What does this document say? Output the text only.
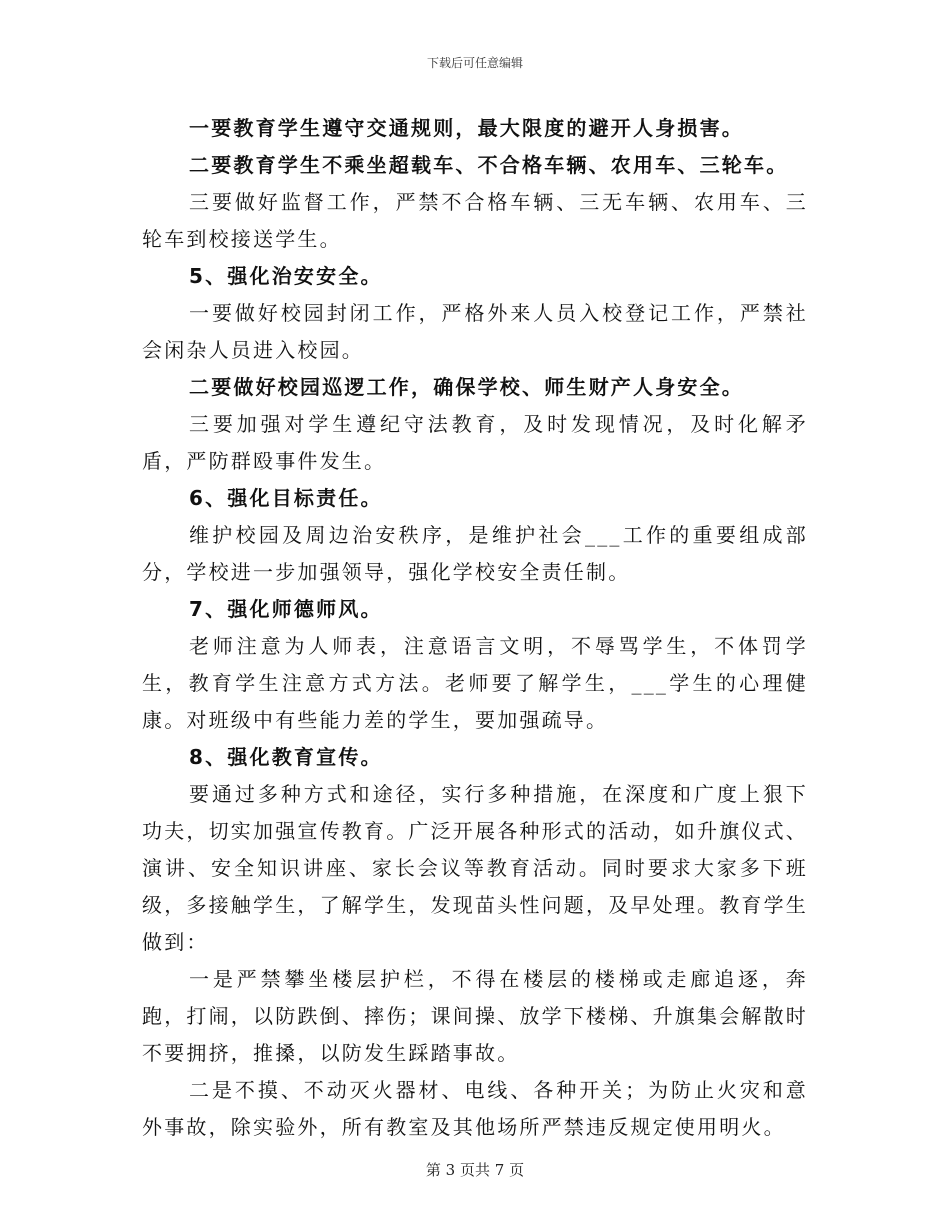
下载后可任意编辑

一要教育学生遵守交通规则，最大限度的避开人身损害。

二要教育学生不乘坐超载车、不合格车辆、农用车、三轮车。

三要做好监督工作，严禁不合格车辆、三无车辆、农用车、三轮车到校接送学生。

5、强化治安安全。

一要做好校园封闭工作，严格外来人员入校登记工作，严禁社会闲杂人员进入校园。

二要做好校园巡逻工作，确保学校、师生财产人身安全。

三要加强对学生遵纪守法教育，及时发现情况，及时化解矛盾，严防群殴事件发生。

6、强化目标责任。

维护校园及周边治安秩序，是维护社会___工作的重要组成部分，学校进一步加强领导，强化学校安全责任制。

7、强化师德师风。

老师注意为人师表，注意语言文明，不辱骂学生，不体罚学生，教育学生注意方式方法。老师要了解学生，___学生的心理健康。对班级中有些能力差的学生，要加强疏导。

8、强化教育宣传。

要通过多种方式和途径，实行多种措施，在深度和广度上狠下功夫，切实加强宣传教育。广泛开展各种形式的活动，如升旗仪式、演讲、安全知识讲座、家长会议等教育活动。同时要求大家多下班级，多接触学生，了解学生，发现苗头性问题，及早处理。教育学生做到：

一是严禁攀坐楼层护栏，不得在楼层的楼梯或走廊追逐，奔跑，打闹，以防跌倒、摔伤；课间操、放学下楼梯、升旗集会解散时不要拥挤，推搡，以防发生踩踏事故。

二是不摸、不动灭火器材、电线、各种开关；为防止火灾和意外事故，除实验外，所有教室及其他场所严禁违反规定使用明火。

第 3 页共 7 页
